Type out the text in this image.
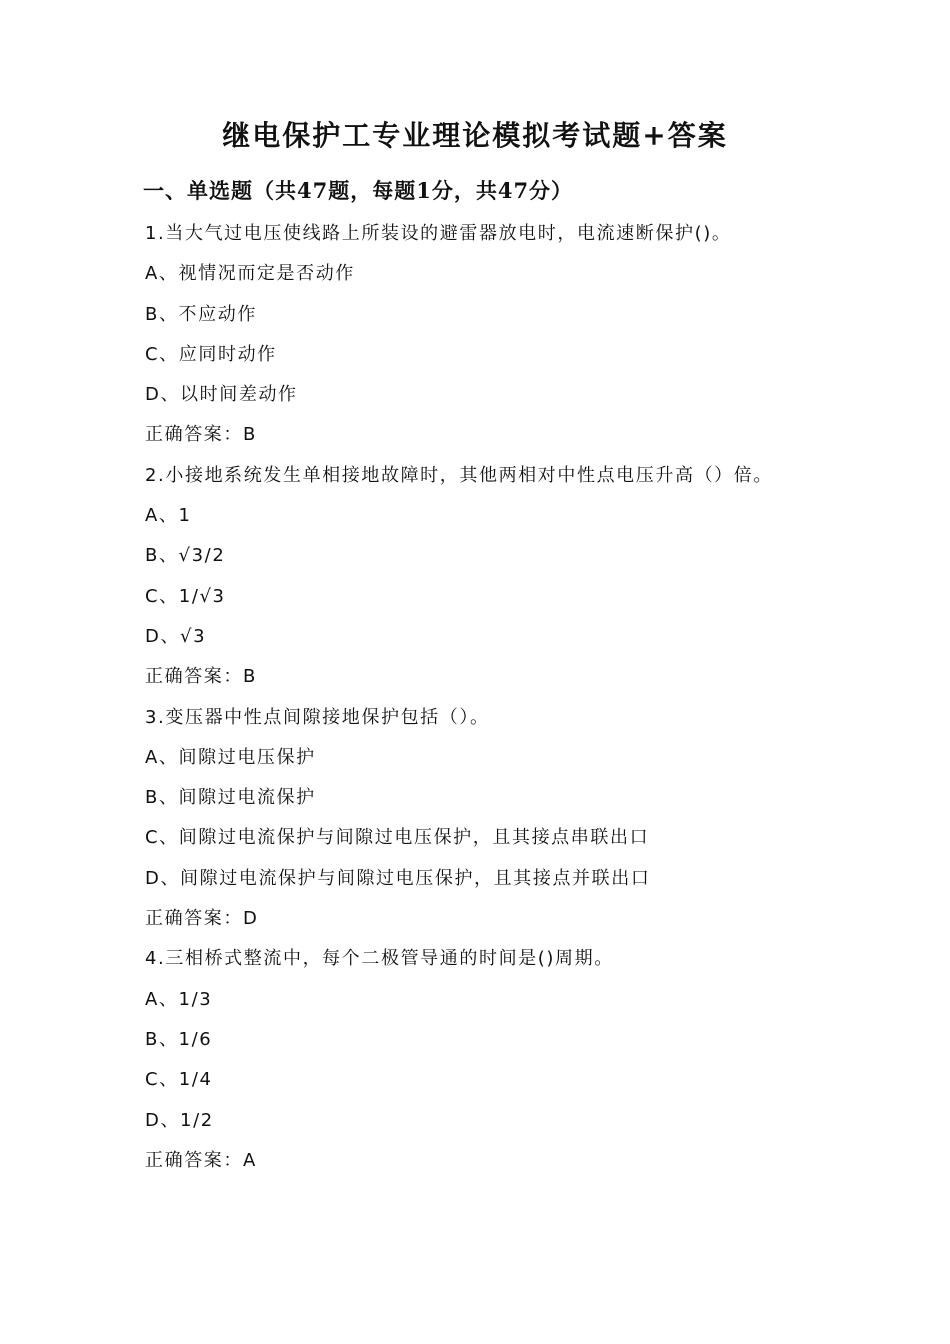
继电保护工专业理论模拟考试题+答案
一、单选题（共47题，每题1分，共47分）

1.当大气过电压使线路上所装设的避雷器放电时，电流速断保护()。

A、视情况而定是否动作

B、不应动作

C、应同时动作

D、以时间差动作

正确答案：B

2.小接地系统发生单相接地故障时，其他两相对中性点电压升高（）倍。

A、1

B、√3/2

C、1/√3

D、√3

正确答案：B

3.变压器中性点间隙接地保护包括（）。

A、间隙过电压保护

B、间隙过电流保护

C、间隙过电流保护与间隙过电压保护，且其接点串联出口

D、间隙过电流保护与间隙过电压保护，且其接点并联出口

正确答案：D

4.三相桥式整流中，每个二极管导通的时间是()周期。

A、1/3

B、1/6

C、1/4

D、1/2

正确答案：A
